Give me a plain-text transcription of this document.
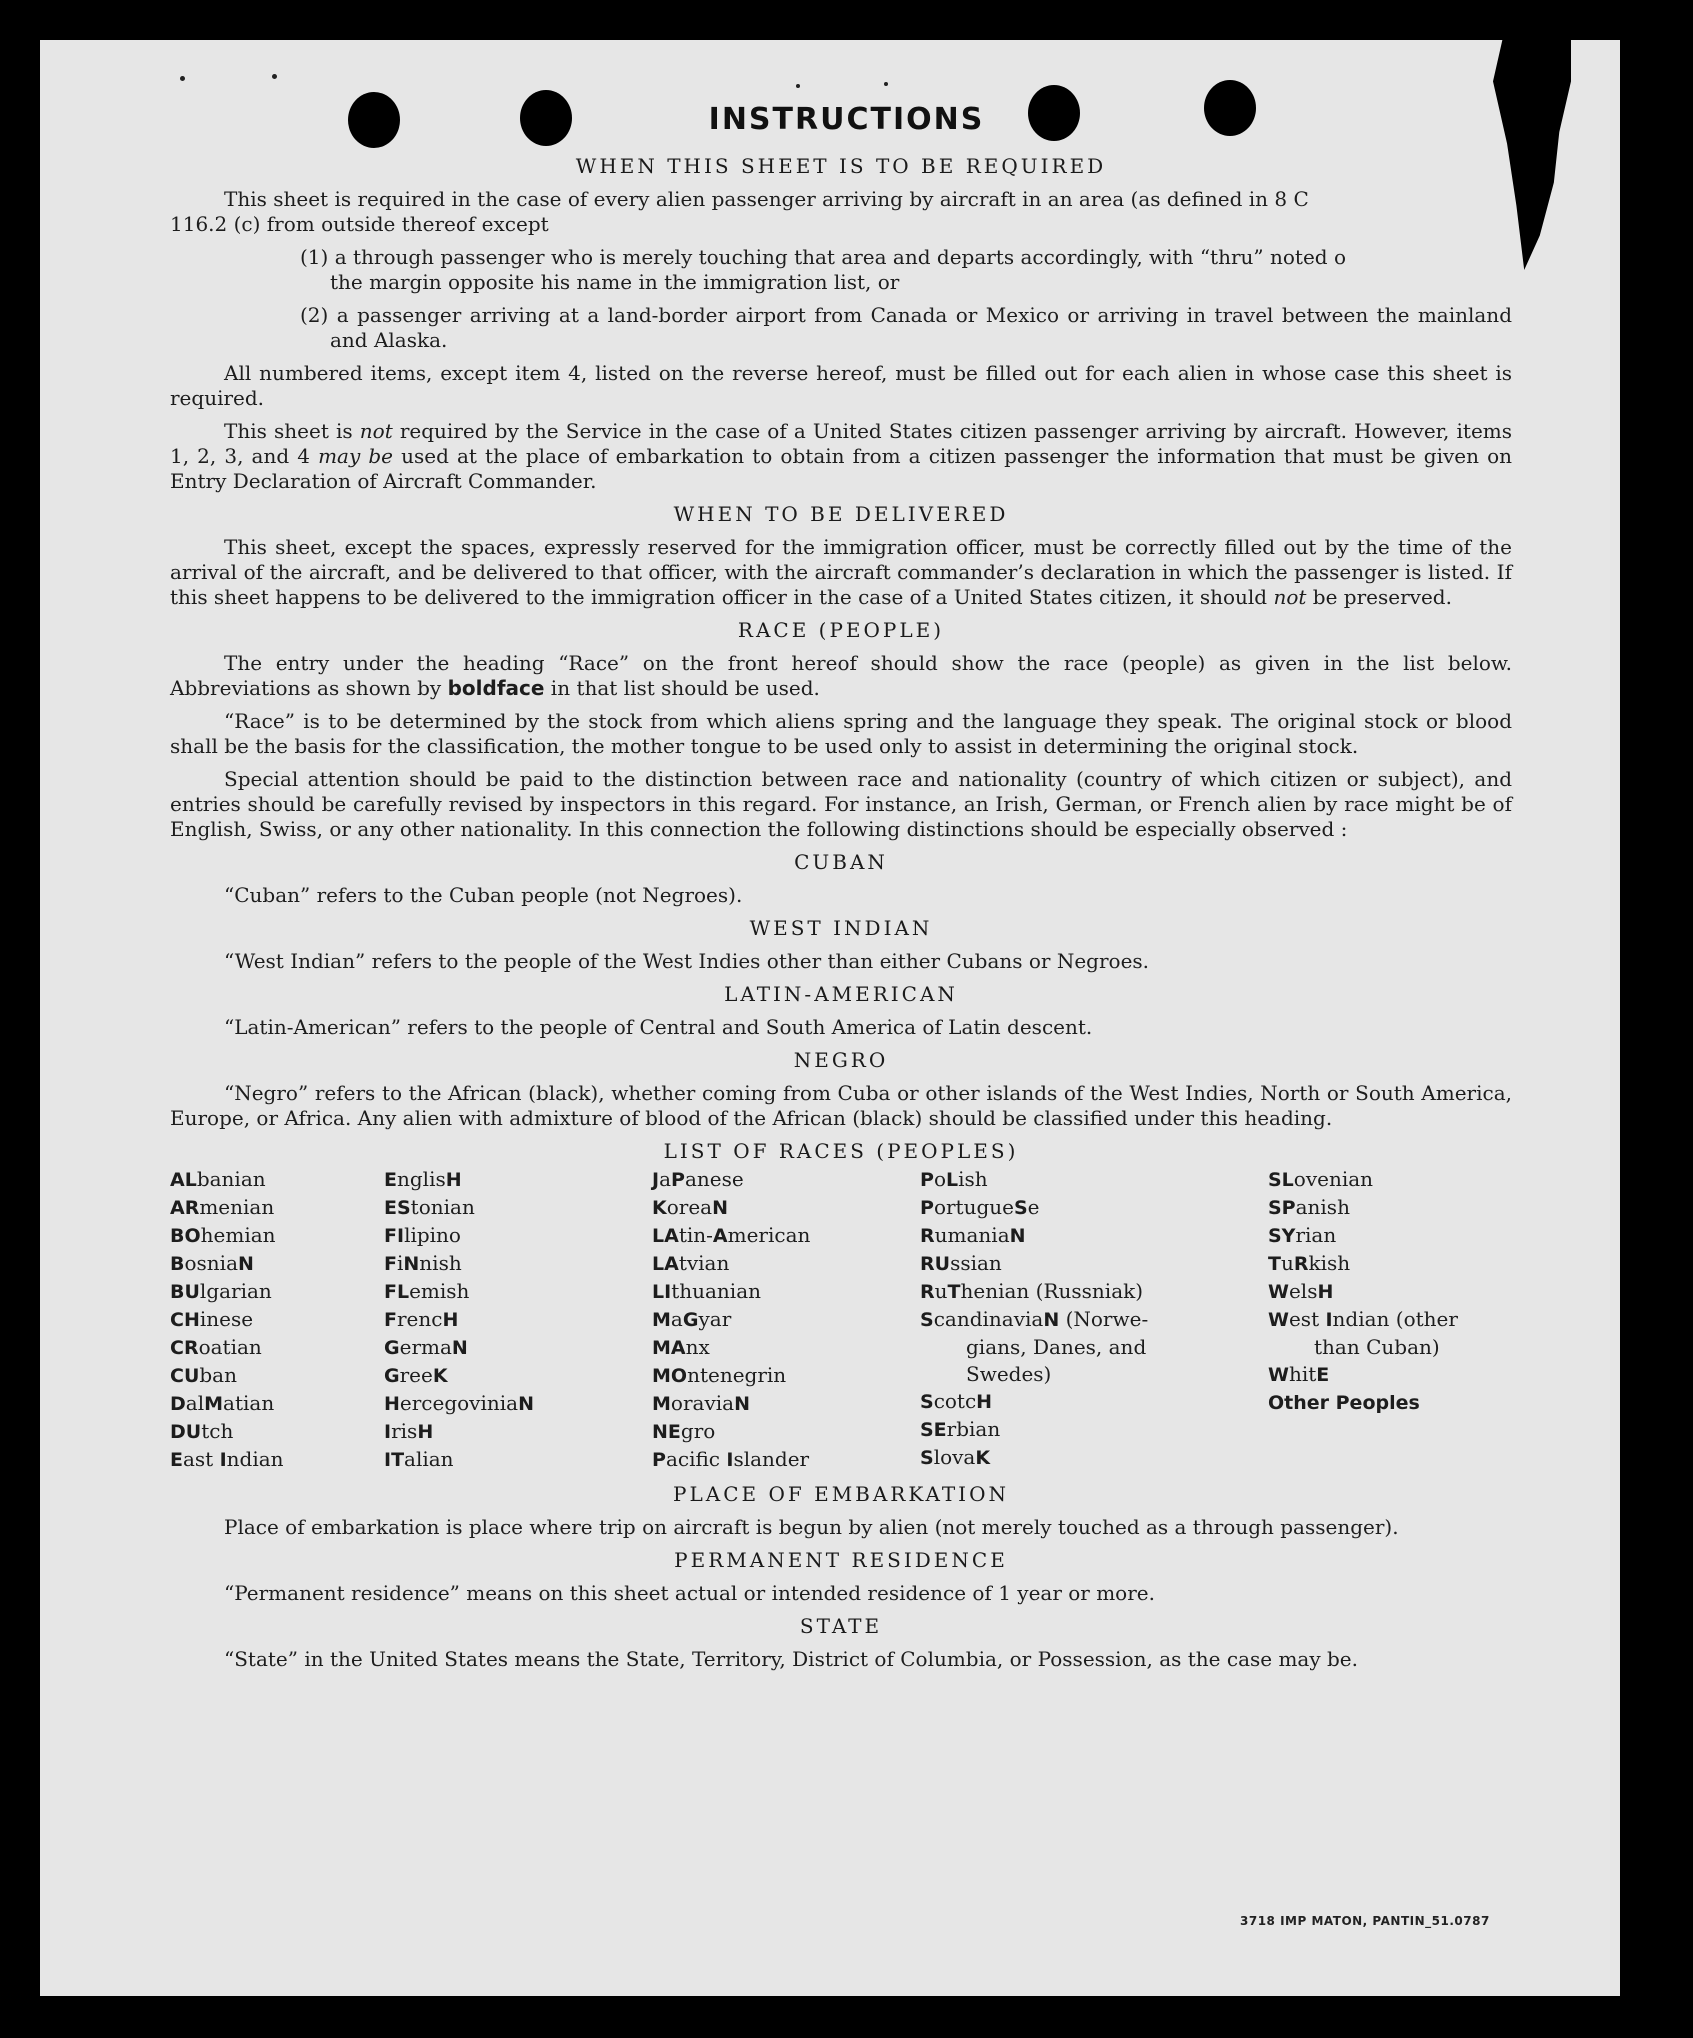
INSTRUCTIONS
WHEN THIS SHEET IS TO BE REQUIRED
This sheet is required in the case of every alien passenger arriving by aircraft in an area (as defined in 8 C
116.2 (c) from outside thereof except
(1) a through passenger who is merely touching that area and departs accordingly, with “thru” noted o
the margin opposite his name in the immigration list, or
(2) a passenger arriving at a land-border airport from Canada or Mexico or arriving in travel between the mainland and Alaska.
All numbered items, except item 4, listed on the reverse hereof, must be filled out for each alien in whose case this sheet is required.
This sheet is not required by the Service in the case of a United States citizen passenger arriving by aircraft. However, items 1, 2, 3, and 4 may be used at the place of embarkation to obtain from a citizen passenger the information that must be given on Entry Declaration of Aircraft Commander.
WHEN TO BE DELIVERED
This sheet, except the spaces, expressly reserved for the immigration officer, must be correctly filled out by the time of the arrival of the aircraft, and be delivered to that officer, with the aircraft commander’s declaration in which the passenger is listed. If this sheet happens to be delivered to the immigration officer in the case of a United States citizen, it should not be preserved.
RACE (PEOPLE)
The entry under the heading “Race” on the front hereof should show the race (people) as given in the list below. Abbreviations as shown by boldface in that list should be used.
“Race” is to be determined by the stock from which aliens spring and the language they speak. The original stock or blood shall be the basis for the classification, the mother tongue to be used only to assist in determining the original stock.
Special attention should be paid to the distinction between race and nationality (country of which citizen or subject), and entries should be carefully revised by inspectors in this regard. For instance, an Irish, German, or French alien by race might be of English, Swiss, or any other nationality. In this connection the following distinctions should be especially observed :
CUBAN
“Cuban” refers to the Cuban people (not Negroes).
WEST INDIAN
“West Indian” refers to the people of the West Indies other than either Cubans or Negroes.
LATIN-AMERICAN
“Latin-American” refers to the people of Central and South America of Latin descent.
NEGRO
“Negro” refers to the African (black), whether coming from Cuba or other islands of the West Indies, North or South America, Europe, or Africa. Any alien with admixture of blood of the African (black) should be classified under this heading.
LIST OF RACES (PEOPLES)
ALbanian
ARmenian
BOhemian
BosniaN
BUlgarian
CHinese
CRoatian
CUban
DalMatian
DUtch
East Indian
EnglisH
EStonian
FIlipino
FiNnish
FLemish
FrencH
GermaN
GreeK
HercegoviniaN
IrisH
ITalian
JaPanese
KoreaN
LAtin-American
LAtvian
LIthuanian
MaGyar
MAnx
MOntenegrin
MoraviaN
NEgro
Pacific Islander
PoLish
PortugueSe
RumaniaN
RUssian
RuThenian (Russniak)
ScandinaviaN (Norwe-
gians, Danes, and
Swedes)
ScotcH
SErbian
SlovaK
SLovenian
SPanish
SYrian
TuRkish
WelsH
West Indian (other
than Cuban)
WhitE
Other Peoples
PLACE OF EMBARKATION
Place of embarkation is place where trip on aircraft is begun by alien (not merely touched as a through passenger).
PERMANENT RESIDENCE
“Permanent residence” means on this sheet actual or intended residence of 1 year or more.
STATE
“State” in the United States means the State, Territory, District of Columbia, or Possession, as the case may be.
3718 IMP MATON, PANTIN_51.0787
